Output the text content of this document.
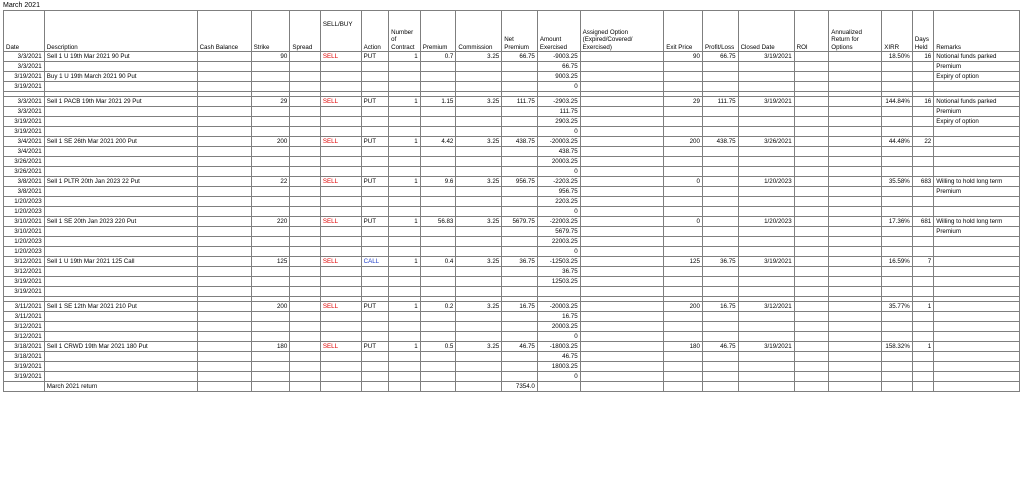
March 2021
Date	Description	Cash Balance	Strike	Spread	SELL/BUY	Action	Number of Contract	Premium	Commission	Net Premium	Amount Exercised	Assigned Option (Expired/Covered/ Exercised)	Exit Price	Profit/Loss	Closed Date	ROI	Annualized Return for Options	XIRR	Days Held	Remarks
3/3/2021	Sell 1 U 19th Mar 2021 90 Put		90		SELL	PUT	1	0.7	3.25	66.75	-9003.25		90	66.75	3/19/2021			18.50%	16	Notional funds parked
3/3/2021											66.75									Premium
3/19/2021	Buy 1 U 19th March 2021 90 Put										9003.25									Expiry of option
3/19/2021											0									

3/3/2021	Sell 1 PACB 19th Mar 2021 29 Put		29		SELL	PUT	1	1.15	3.25	111.75	-2903.25		29	111.75	3/19/2021			144.84%	16	Notional funds parked
3/3/2021											111.75									Premium
3/19/2021											2903.25									Expiry of option
3/19/2021											0									
3/4/2021	Sell 1 SE 26th Mar 2021 200 Put		200		SELL	PUT	1	4.42	3.25	438.75	-20003.25		200	438.75	3/26/2021			44.48%	22	
3/4/2021											438.75									
3/26/2021											20003.25									
3/26/2021											0									
3/8/2021	Sell 1 PLTR 20th Jan 2023 22 Put		22		SELL	PUT	1	9.6	3.25	956.75	-2203.25		0		1/20/2023			35.58%	683	Willing to hold long term
3/8/2021											956.75									Premium
1/20/2023											2203.25									
1/20/2023											0									
3/10/2021	Sell 1 SE 20th Jan 2023 220 Put		220		SELL	PUT	1	56.83	3.25	5679.75	-22003.25		0		1/20/2023			17.36%	681	Willing to hold long term
3/10/2021											5679.75									Premium
1/20/2023											22003.25									
1/20/2023											0									
3/12/2021	Sell 1 U 19th Mar 2021 125 Call		125		SELL	CALL	1	0.4	3.25	36.75	-12503.25		125	36.75	3/19/2021			16.59%	7	
3/12/2021											36.75									
3/19/2021											12503.25									
3/19/2021																				

3/11/2021	Sell 1 SE 12th Mar 2021 210 Put		200		SELL	PUT	1	0.2	3.25	16.75	-20003.25		200	16.75	3/12/2021			35.77%	1	
3/11/2021											16.75									
3/12/2021											20003.25									
3/12/2021											0									
3/18/2021	Sell 1 CRWD 19th Mar 2021 180 Put		180		SELL	PUT	1	0.5	3.25	46.75	-18003.25		180	46.75	3/19/2021			158.32%	1	
3/18/2021											46.75									
3/19/2021											18003.25									
3/19/2021											0									
	March 2021 return									7354.0										
